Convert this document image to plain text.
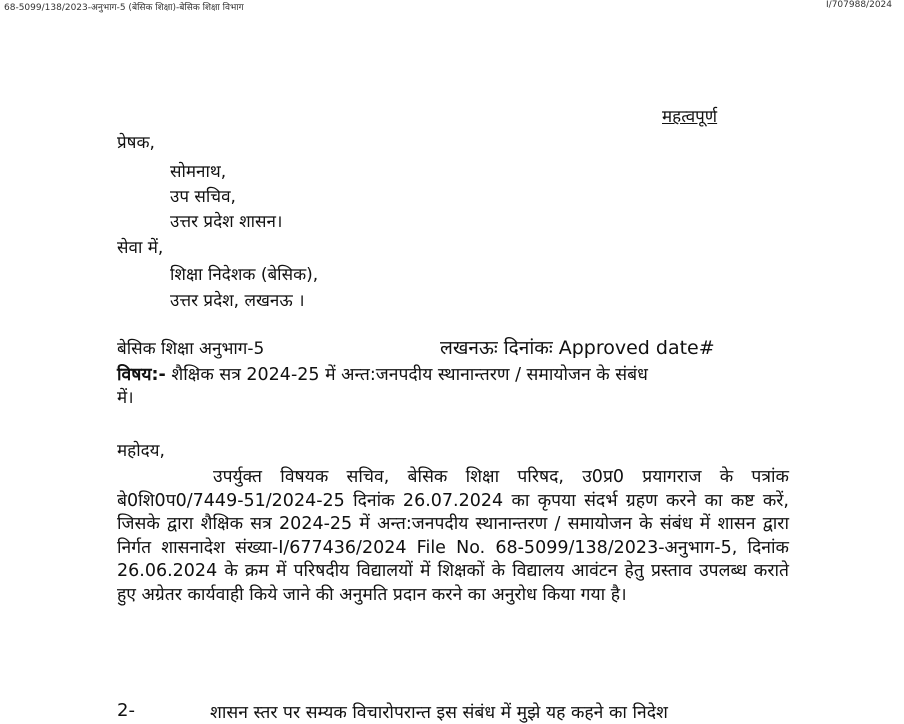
68-5099/138/2023-अनुभाग-5 (बेसिक शिक्षा)-बेसिक शिक्षा विभाग	I/707988/2024
महत्वपूर्ण
प्रेषक,
सोमनाथ,
उप सचिव,
उत्तर प्रदेश शासन।
सेवा में,
शिक्षा निदेशक (बेसिक),
उत्तर प्रदेश, लखनऊ ।
बेसिक शिक्षा अनुभाग-5	लखनऊः दिनांकः Approved date#
विषय:- शैक्षिक सत्र 2024-25 में अन्त:जनपदीय स्थानान्तरण / समायोजन के संबंध
में।
महोदय,
उपर्युक्त विषयक सचिव, बेसिक शिक्षा परिषद, उ0प्र0 प्रयागराज के पत्रांक बे0शि0प0/7449-51/2024-25 दिनांक 26.07.2024 का कृपया संदर्भ ग्रहण करने का कष्ट करें, जिसके द्वारा शैक्षिक सत्र 2024-25 में अन्त:जनपदीय स्थानान्तरण / समायोजन के संबंध में शासन द्वारा निर्गत शासनादेश संख्या-I/677436/2024 File No. 68-5099/138/2023-अनुभाग-5, दिनांक 26.06.2024 के क्रम में परिषदीय विद्यालयों में शिक्षकों के विद्यालय आवंटन हेतु प्रस्ताव उपलब्ध कराते हुए अग्रेतर कार्यवाही किये जाने की अनुमति प्रदान करने का अनुरोध किया गया है।
2-	शासन स्तर पर सम्यक विचारोपरान्त इस संबंध में मुझे यह कहने का निदेश
